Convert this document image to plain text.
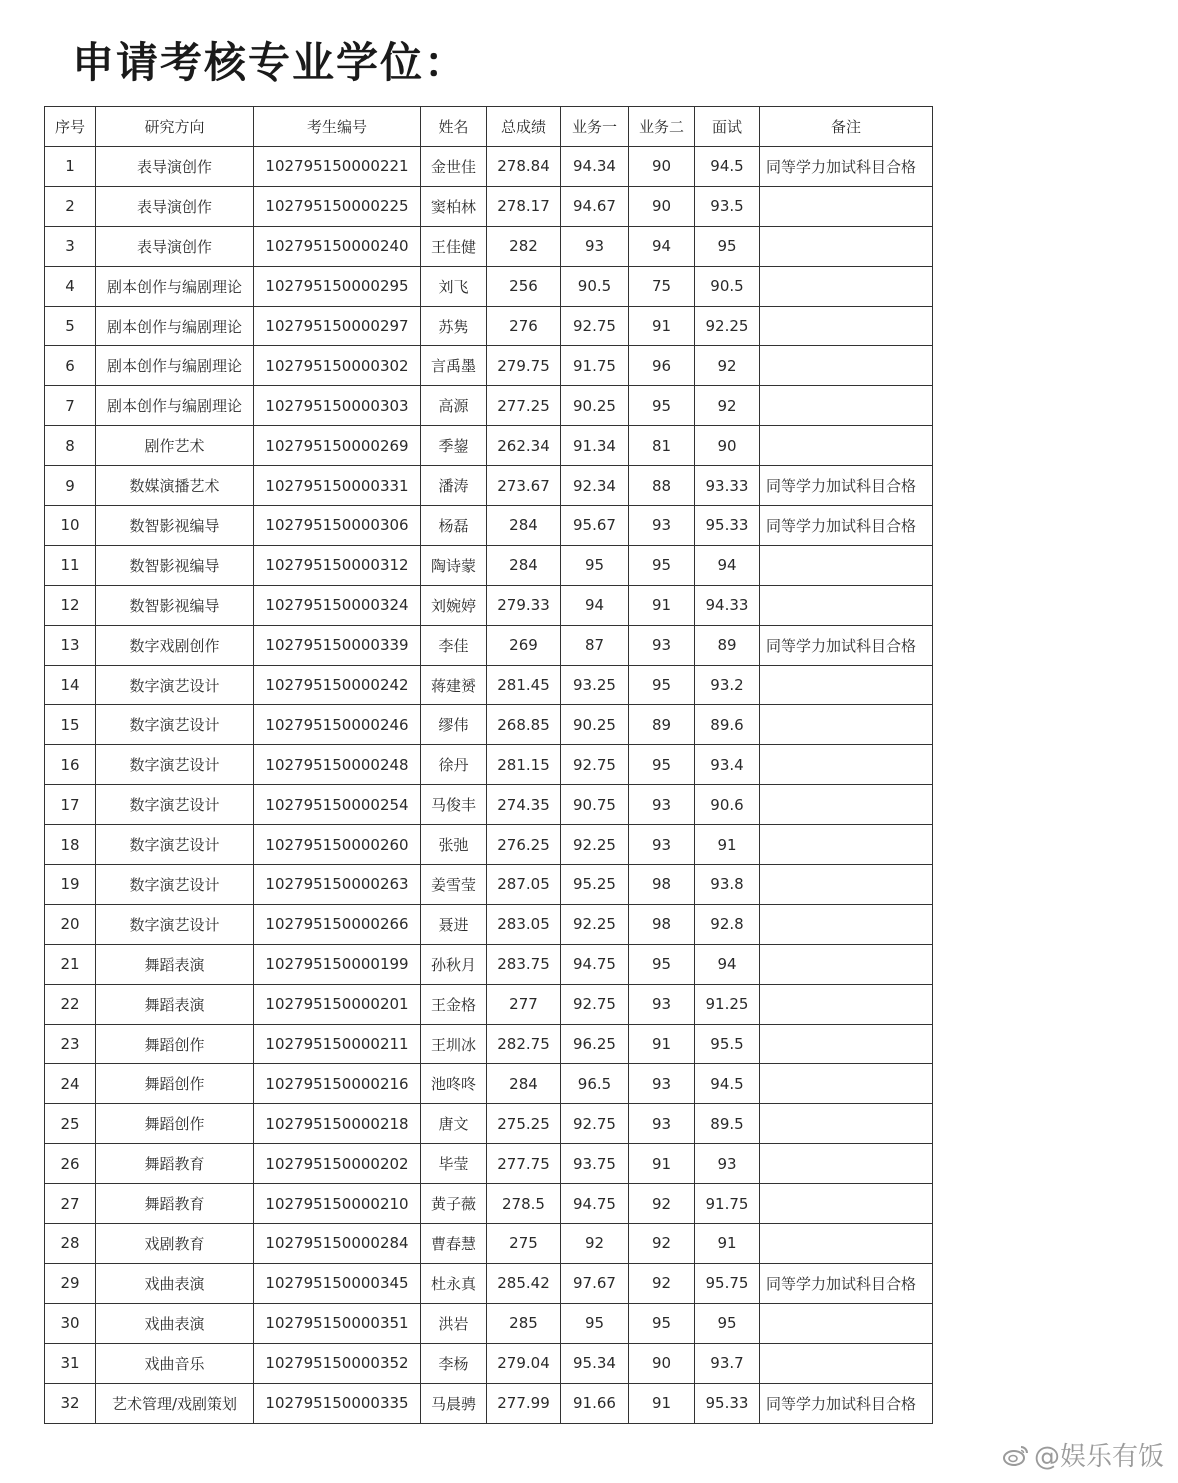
申请考核专业学位：
序号	研究方向	考生编号	姓名	总成绩	业务一	业务二	面试	备注
1	表导演创作	102795150000221	金世佳	278.84	94.34	90	94.5	同等学力加试科目合格
2	表导演创作	102795150000225	窦柏林	278.17	94.67	90	93.5	
3	表导演创作	102795150000240	王佳健	282	93	94	95	
4	剧本创作与编剧理论	102795150000295	刘飞	256	90.5	75	90.5	
5	剧本创作与编剧理论	102795150000297	苏隽	276	92.75	91	92.25	
6	剧本创作与编剧理论	102795150000302	言禹墨	279.75	91.75	96	92	
7	剧本创作与编剧理论	102795150000303	高源	277.25	90.25	95	92	
8	剧作艺术	102795150000269	季鋆	262.34	91.34	81	90	
9	数媒演播艺术	102795150000331	潘涛	273.67	92.34	88	93.33	同等学力加试科目合格
10	数智影视编导	102795150000306	杨磊	284	95.67	93	95.33	同等学力加试科目合格
11	数智影视编导	102795150000312	陶诗蒙	284	95	95	94	
12	数智影视编导	102795150000324	刘婉婷	279.33	94	91	94.33	
13	数字戏剧创作	102795150000339	李佳	269	87	93	89	同等学力加试科目合格
14	数字演艺设计	102795150000242	蒋建赟	281.45	93.25	95	93.2	
15	数字演艺设计	102795150000246	缪伟	268.85	90.25	89	89.6	
16	数字演艺设计	102795150000248	徐丹	281.15	92.75	95	93.4	
17	数字演艺设计	102795150000254	马俊丰	274.35	90.75	93	90.6	
18	数字演艺设计	102795150000260	张弛	276.25	92.25	93	91	
19	数字演艺设计	102795150000263	姜雪莹	287.05	95.25	98	93.8	
20	数字演艺设计	102795150000266	聂进	283.05	92.25	98	92.8	
21	舞蹈表演	102795150000199	孙秋月	283.75	94.75	95	94	
22	舞蹈表演	102795150000201	王金格	277	92.75	93	91.25	
23	舞蹈创作	102795150000211	王圳冰	282.75	96.25	91	95.5	
24	舞蹈创作	102795150000216	池咚咚	284	96.5	93	94.5	
25	舞蹈创作	102795150000218	唐文	275.25	92.75	93	89.5	
26	舞蹈教育	102795150000202	毕莹	277.75	93.75	91	93	
27	舞蹈教育	102795150000210	黄子薇	278.5	94.75	92	91.75	
28	戏剧教育	102795150000284	曹春慧	275	92	92	91	
29	戏曲表演	102795150000345	杜永真	285.42	97.67	92	95.75	同等学力加试科目合格
30	戏曲表演	102795150000351	洪岩	285	95	95	95	
31	戏曲音乐	102795150000352	李杨	279.04	95.34	90	93.7	
32	艺术管理/戏剧策划	102795150000335	马晨骋	277.99	91.66	91	95.33	同等学力加试科目合格
@娱乐有饭
